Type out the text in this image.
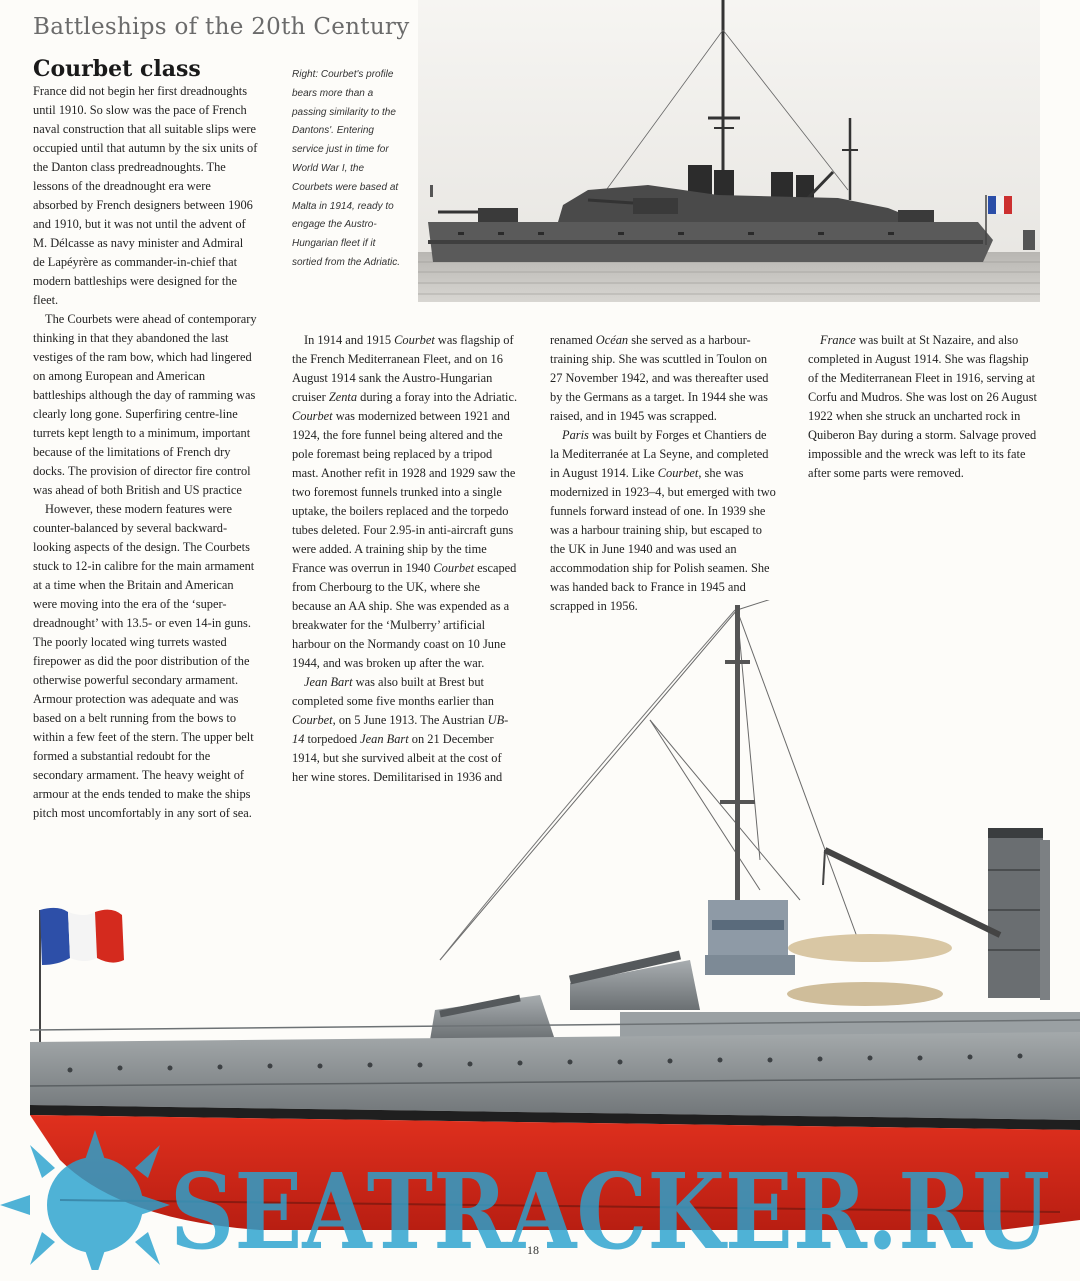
Battleships of the 20th Century
Courbet class	Right: Courbet's profile bears more than a passing similarity to the Dantons'. Entering service just in time for World War I, the Courbets were based at Malta in 1914, ready to engage the Austro-Hungarian fleet if it sortied from the Adriatic.

France did not begin her first dreadnoughts until 1910. So slow was the pace of French naval construction that all suitable slips were occupied until that autumn by the six units of the Danton class predreadnoughts. The lessons of the dreadnought era were absorbed by French designers between 1906 and 1910, but it was not until the advent of M. Délcasse as navy minister and Admiral de Lapéyrère as commander-in-chief that modern battleships were designed for the fleet.

The Courbets were ahead of contemporary thinking in that they abandoned the last vestiges of the ram bow, which had lingered on among European and American battleships although the day of ramming was clearly long gone. Superfiring centre-line turrets kept length to a minimum, important because of the limitations of French dry docks. The provision of director fire control was ahead of both British and US practice

However, these modern features were counter-balanced by several backward-looking aspects of the design. The Courbets stuck to 12-in calibre for the main armament at a time when the Britain and American were moving into the era of the ‘super-dreadnought’ with 13.5- or even 14-in guns. The poorly located wing turrets wasted firepower as did the poor distribution of the otherwise powerful secondary armament. Armour protection was adequate and was based on a belt running from the bows to within a few feet of the stern. The upper belt formed a substantial redoubt for the secondary armament. The heavy weight of armour at the ends tended to make the ships pitch most uncomfortably in any sort of sea.

In 1914 and 1915 Courbet was flagship of the French Mediterranean Fleet, and on 16 August 1914 sank the Austro-Hungarian cruiser Zenta during a foray into the Adriatic. Courbet was modernized between 1921 and 1924, the fore funnel being altered and the pole foremast being replaced by a tripod mast. Another refit in 1928 and 1929 saw the two foremost funnels trunked into a single uptake, the boilers replaced and the torpedo tubes deleted. Four 2.95-in anti-aircraft guns were added. A training ship by the time France was overrun in 1940 Courbet escaped from Cherbourg to the UK, where she because an AA ship. She was expended as a breakwater for the ‘Mulberry’ artificial harbour on the Normandy coast on 10 June 1944, and was broken up after the war.

Jean Bart was also built at Brest but completed some five months earlier than Courbet, on 5 June 1913. The Austrian UB-14 torpedoed Jean Bart on 21 December 1914, but she survived albeit at the cost of her wine stores. Demilitarised in 1936 and

renamed Océan she served as a harbour-training ship. She was scuttled in Toulon on 27 November 1942, and was thereafter used by the Germans as a target. In 1944 she was raised, and in 1945 was scrapped.

Paris was built by Forges et Chantiers de la Mediterranée at La Seyne, and completed in August 1914. Like Courbet, she was modernized in 1923–4, but emerged with two funnels forward instead of one. In 1939 she was a harbour training ship, but escaped to the UK in June 1940 and was used an accommodation ship for Polish seamen. She was handed back to France in 1945 and scrapped in 1956.

France was built at St Nazaire, and also completed in August 1914. She was flagship of the Mediterranean Fleet in 1916, serving at Corfu and Mudros. She was lost on 26 August 1922 when she struck an uncharted rock in Quiberon Bay during a storm. Salvage proved impossible and the wreck was left to its fate after some parts were removed.

SEATRACKER.RU
18
